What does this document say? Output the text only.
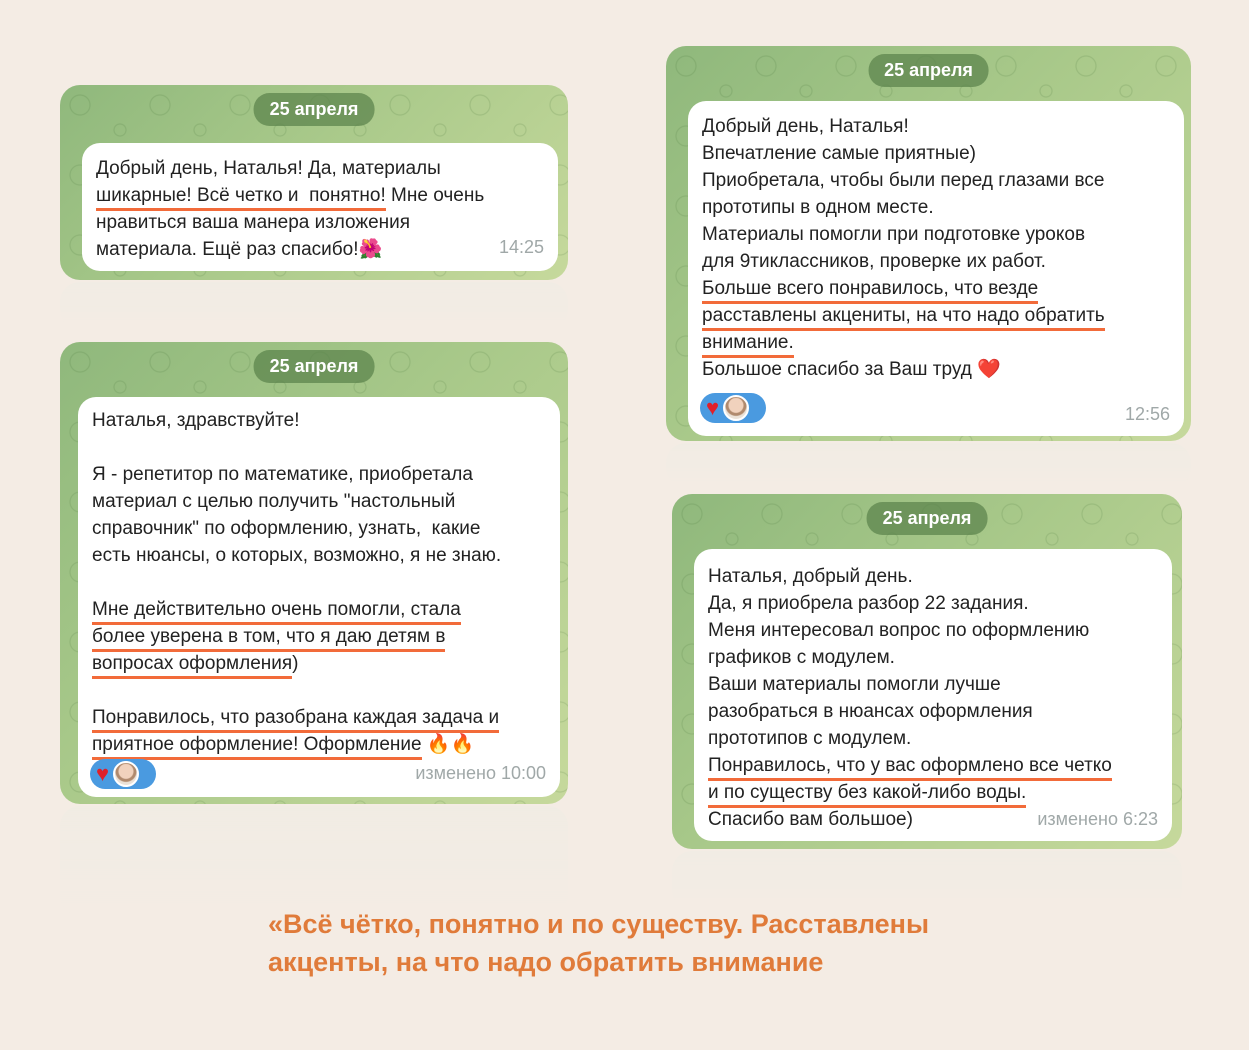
25 апреля
Добрый день, Наталья! Да, материалы
шикарные! Всё четко и  понятно! Мне очень
нравиться ваша манера изложения
материала. Ещё раз спасибо!🌺	14:25
25 апреля
Наталья, здравствуйте!
Я - репетитор по математике, приобретала
материал с целью получить "настольный
справочник" по оформлению, узнать,  какие
есть нюансы, о которых, возможно, я не знаю.
Мне действительно очень помогли, стала
более уверена в том, что я даю детям в
вопросах оформления)
Понравилось, что разобрана каждая задача и
приятное оформление! Оформление 🔥🔥
♥	изменено 10:00
25 апреля
Добрый день, Наталья!
Впечатление самые приятные)
Приобретала, чтобы были перед глазами все
прототипы в одном месте.
Материалы помогли при подготовке уроков
для 9тиклассников, проверке их работ.
Больше всего понравилось, что везде
расставлены акцениты, на что надо обратить
внимание.
Большое спасибо за Ваш труд ❤️
♥	12:56
25 апреля
Наталья, добрый день.
Да, я приобрела разбор 22 задания.
Меня интересовал вопрос по оформлению
графиков с модулем.
Ваши материалы помогли лучше
разобраться в нюансах оформления
прототипов с модулем.
Понравилось, что у вас оформлено все четко
и по существу без какой-либо воды.
Спасибо вам большое)	изменено 6:23
«Всё чётко, понятно и по существу. Расставлены
акценты, на что надо обратить внимание
